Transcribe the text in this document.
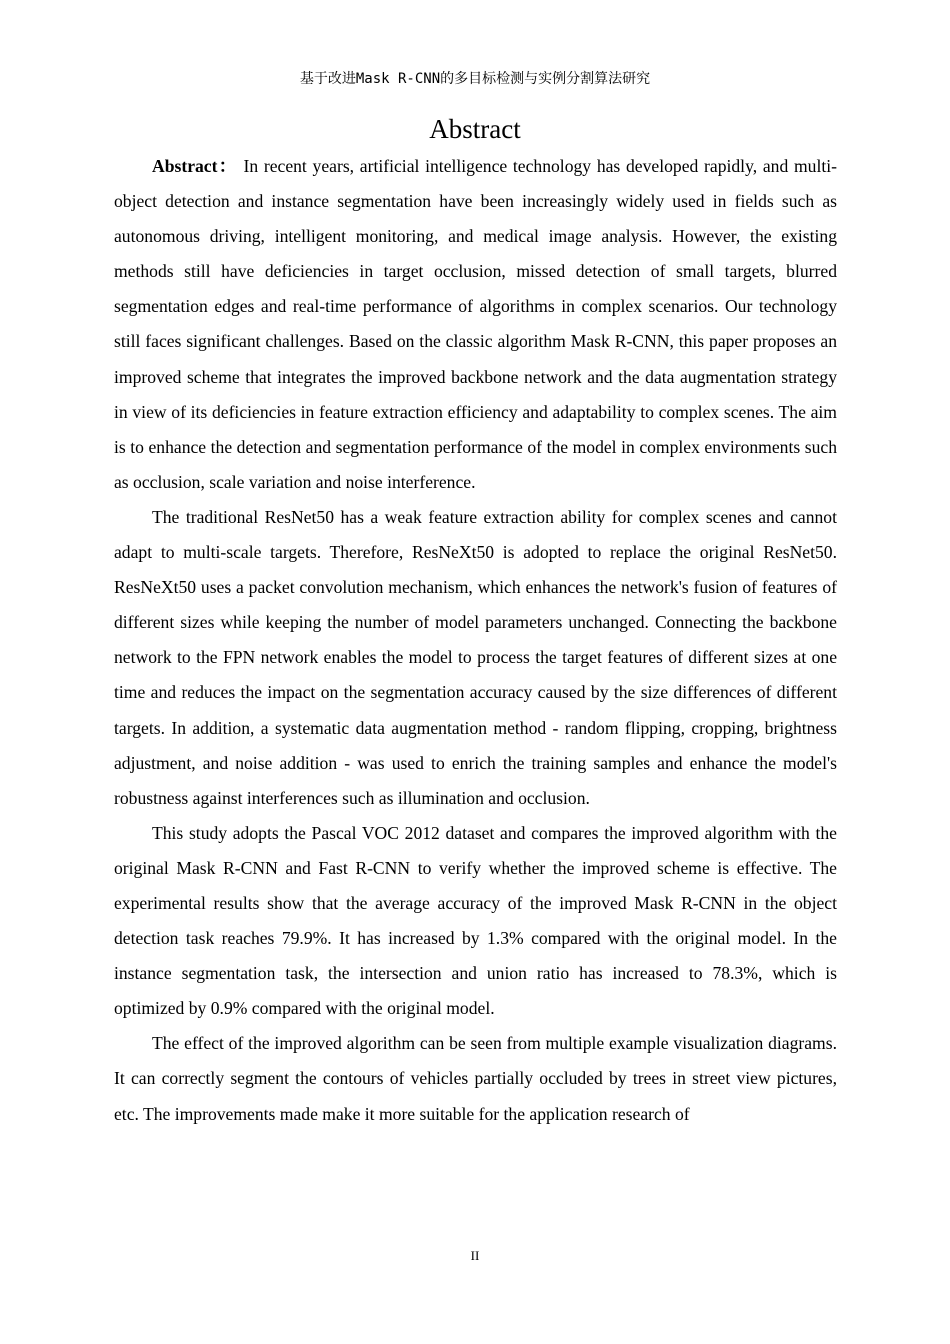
基于改进Mask R-CNN的多目标检测与实例分割算法研究
Abstract

Abstract： In recent years, artificial intelligence technology has developed rapidly, and multi-object detection and instance segmentation have been increasingly widely used in fields such as autonomous driving, intelligent monitoring, and medical image analysis. However, the existing methods still have deficiencies in target occlusion, missed detection of small targets, blurred segmentation edges and real-time performance of algorithms in complex scenarios. Our technology still faces significant challenges. Based on the classic algorithm Mask R-CNN, this paper proposes an improved scheme that integrates the improved backbone network and the data augmentation strategy in view of its deficiencies in feature extraction efficiency and adaptability to complex scenes. The aim is to enhance the detection and segmentation performance of the model in complex environments such as occlusion, scale variation and noise interference.

The traditional ResNet50 has a weak feature extraction ability for complex scenes and cannot adapt to multi-scale targets. Therefore, ResNeXt50 is adopted to replace the original ResNet50. ResNeXt50 uses a packet convolution mechanism, which enhances the network's fusion of features of different sizes while keeping the number of model parameters unchanged. Connecting the backbone network to the FPN network enables the model to process the target features of different sizes at one time and reduces the impact on the segmentation accuracy caused by the size differences of different targets. In addition, a systematic data augmentation method - random flipping, cropping, brightness adjustment, and noise addition - was used to enrich the training samples and enhance the model's robustness against interferences such as illumination and occlusion.

This study adopts the Pascal VOC 2012 dataset and compares the improved algorithm with the original Mask R-CNN and Fast R-CNN to verify whether the improved scheme is effective. The experimental results show that the average accuracy of the improved Mask R-CNN in the object detection task reaches 79.9%. It has increased by 1.3% compared with the original model. In the instance segmentation task, the intersection and union ratio has increased to 78.3%, which is optimized by 0.9% compared with the original model.

The effect of the improved algorithm can be seen from multiple example visualization diagrams. It can correctly segment the contours of vehicles partially occluded by trees in street view pictures, etc. The improvements made make it more suitable for the application research of

II
